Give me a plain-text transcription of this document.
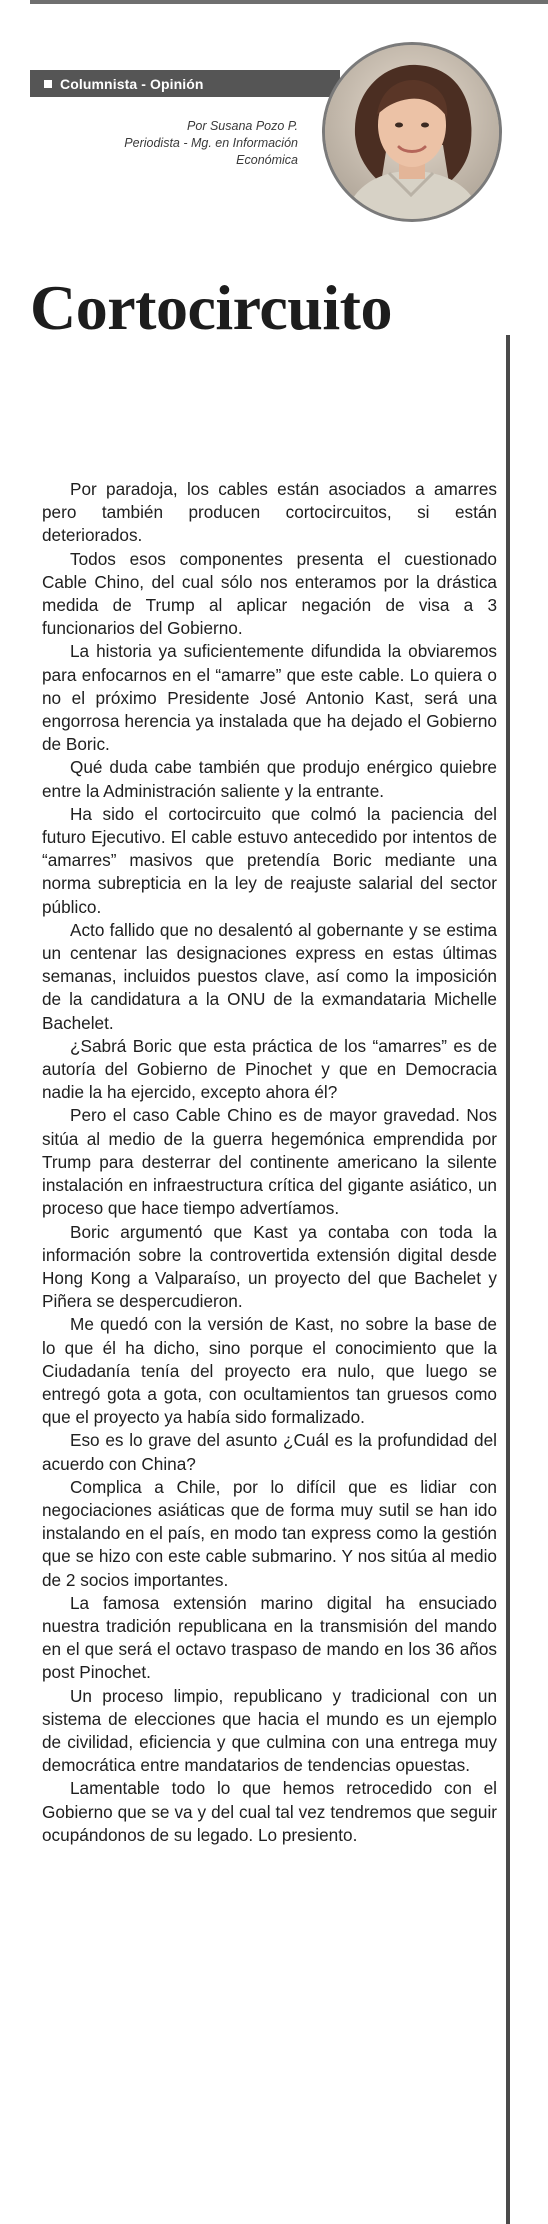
Columnista - Opinión
Por Susana Pozo P.
Periodista - Mg. en Información
Económica
Cortocircuito

Por paradoja, los cables están asociados a amarres pero también producen cortocircuitos, si están deteriorados.

Todos esos componentes presenta el cuestionado Cable Chino, del cual sólo nos enteramos por la drástica medida de Trump al aplicar negación de visa a 3 funcionarios del Gobierno.

La historia ya suficientemente difundida la obviaremos para enfocarnos en el “amarre” que este cable. Lo quiera o no el próximo Presidente José Antonio Kast, será una engorrosa herencia ya instalada que ha dejado el Gobierno de Boric.

Qué duda cabe también que produjo enérgico quiebre entre la Administración saliente y la entrante.

Ha sido el cortocircuito que colmó la paciencia del futuro Ejecutivo. El cable estuvo antecedido por intentos de “amarres” masivos que pretendía Boric mediante una norma subrepticia en la ley de reajuste salarial del sector público.

Acto fallido que no desalentó al gobernante y se estima un centenar las designaciones express en estas últimas semanas, incluidos puestos clave, así como la imposición de la candidatura a la ONU de la exmandataria Michelle Bachelet.

¿Sabrá Boric que esta práctica de los “amarres” es de autoría del Gobierno de Pinochet y que en Democracia nadie la ha ejercido, excepto ahora él?

Pero el caso Cable Chino es de mayor gravedad. Nos sitúa al medio de la guerra hegemónica emprendida por Trump para desterrar del continente americano la silente instalación en infraestructura crítica del gigante asiático, un proceso que hace tiempo advertíamos.

Boric argumentó que Kast ya contaba con toda la información sobre la controvertida extensión digital desde Hong Kong a Valparaíso, un proyecto del que Bachelet y Piñera se despercudieron.

Me quedó con la versión de Kast, no sobre la base de lo que él ha dicho, sino porque el conocimiento que la Ciudadanía tenía del proyecto era nulo, que luego se entregó gota a gota, con ocultamientos tan gruesos como que el proyecto ya había sido formalizado.

Eso es lo grave del asunto ¿Cuál es la profundidad del acuerdo con China?

Complica a Chile, por lo difícil que es lidiar con negociaciones asiáticas que de forma muy sutil se han ido instalando en el país, en modo tan express como la gestión que se hizo con este cable submarino. Y nos sitúa al medio de 2 socios importantes.

La famosa extensión marino digital ha ensuciado nuestra tradición republicana en la transmisión del mando en el que será el octavo traspaso de mando en los 36 años post Pinochet.

Un proceso limpio, republicano y tradicional con un sistema de elecciones que hacia el mundo es un ejemplo de civilidad, eficiencia y que culmina con una entrega muy democrática entre mandatarios de tendencias opuestas.

Lamentable todo lo que hemos retrocedido con el Gobierno que se va y del cual tal vez tendremos que seguir ocupándonos de su legado. Lo presiento.
